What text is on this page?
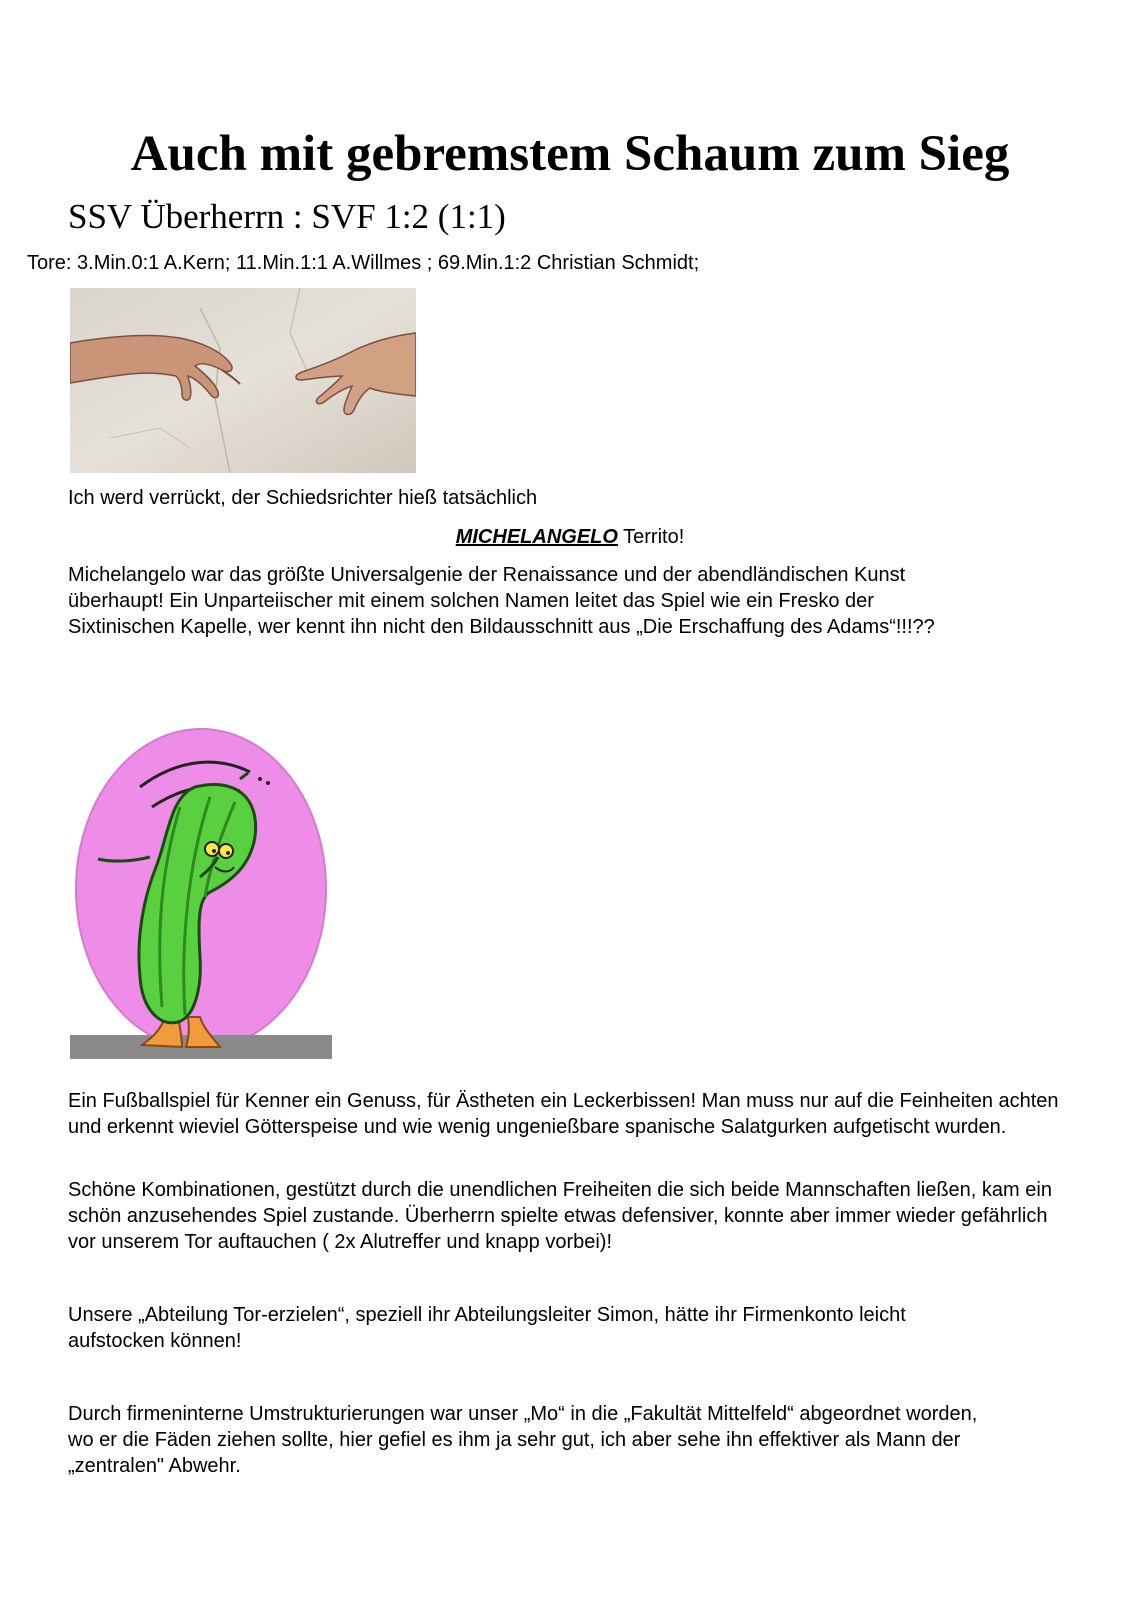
Auch mit gebremstem Schaum zum Sieg
SSV Überherrn : SVF 1:2 (1:1)
Tore: 3.Min.0:1 A.Kern; 11.Min.1:1 A.Willmes ; 69.Min.1:2 Christian Schmidt;
Ich werd verrückt, der Schiedsrichter hieß tatsächlich
MICHELANGELO Territo!
Michelangelo war das größte Universalgenie der Renaissance und der abendländischen Kunst überhaupt! Ein Unparteiischer mit einem solchen Namen leitet das Spiel wie ein Fresko der Sixtinischen Kapelle, wer kennt ihn nicht den Bildausschnitt aus „Die Erschaffung des Adams“!!!??
Ein Fußballspiel für Kenner ein Genuss, für Ästheten ein Leckerbissen! Man muss nur auf die Feinheiten achten und erkennt wieviel Götterspeise und wie wenig ungenießbare spanische Salatgurken aufgetischt wurden.
Schöne Kombinationen, gestützt durch die unendlichen Freiheiten die sich beide Mannschaften ließen, kam ein schön anzusehendes Spiel zustande. Überherrn spielte etwas defensiver, konnte aber immer wieder gefährlich vor unserem Tor auftauchen ( 2x Alutreffer und knapp vorbei)!
Unsere „Abteilung Tor-erzielen“, speziell ihr Abteilungsleiter Simon, hätte ihr Firmenkonto leicht aufstocken können!
Durch firmeninterne Umstrukturierungen war unser „Mo“ in die „Fakultät Mittelfeld“ abgeordnet worden, wo er die Fäden ziehen sollte, hier gefiel es ihm ja sehr gut, ich aber sehe ihn effektiver als Mann der „zentralen" Abwehr.
